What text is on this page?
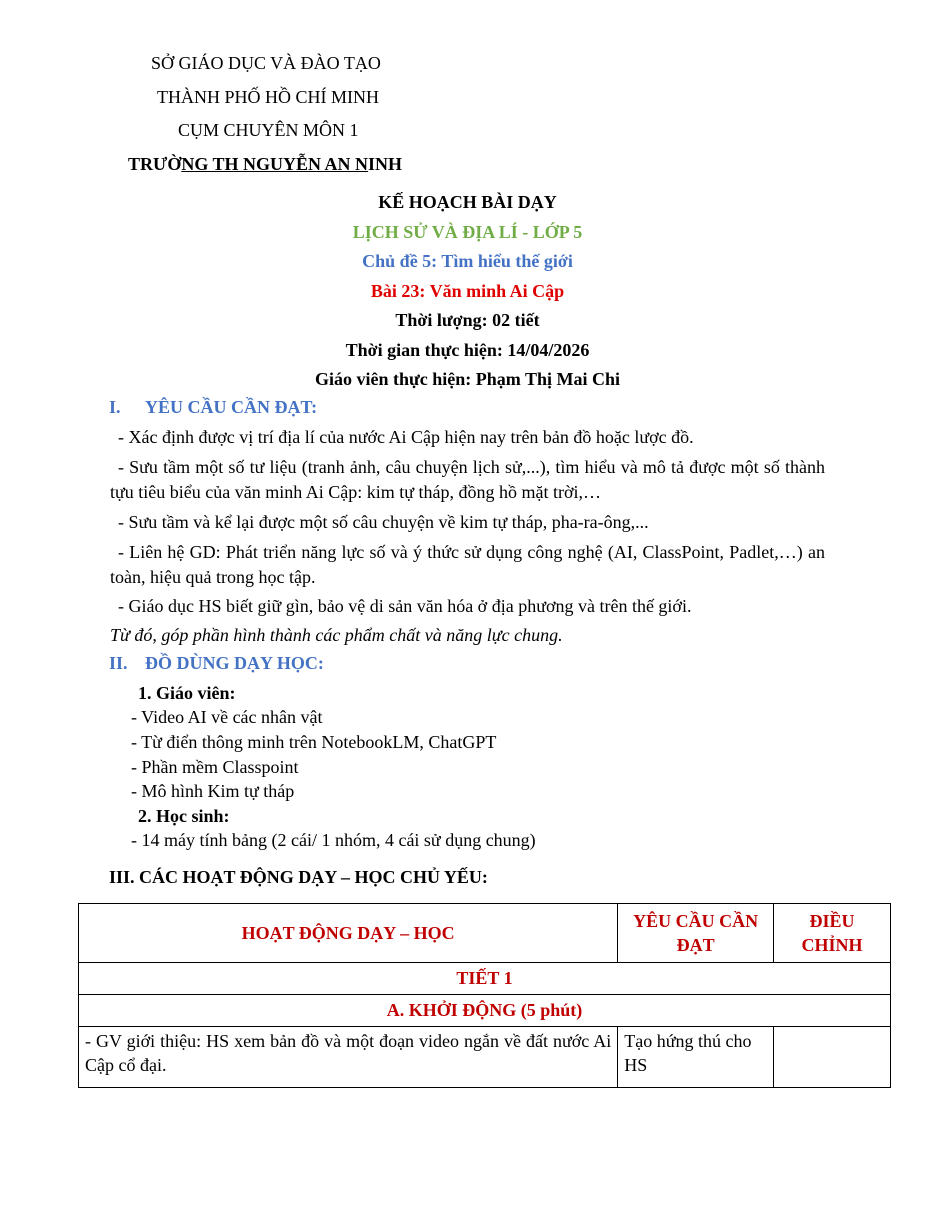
SỞ GIÁO DỤC VÀ ĐÀO TẠO
THÀNH PHỐ HỒ CHÍ MINH
CỤM CHUYÊN MÔN 1
TRƯỜNG TH NGUYỄN AN NINH
KẾ HOẠCH BÀI DẠY
LỊCH SỬ VÀ ĐỊA LÍ - LỚP 5
Chủ đề 5: Tìm hiểu thế giới
Bài 23: Văn minh Ai Cập
Thời lượng: 02 tiết
Thời gian thực hiện: 14/04/2026
Giáo viên thực hiện: Phạm Thị Mai Chi
I. YÊU CẦU CẦN ĐẠT:
- Xác định được vị trí địa lí của nước Ai Cập hiện nay trên bản đồ hoặc lược đồ.
- Sưu tầm một số tư liệu (tranh ảnh, câu chuyện lịch sử,...), tìm hiểu và mô tả được một số thành tựu tiêu biểu của văn minh Ai Cập: kim tự tháp, đồng hồ mặt trời,…
- Sưu tầm và kể lại được một số câu chuyện về kim tự tháp, pha-ra-ông,...
- Liên hệ GD: Phát triển năng lực số và ý thức sử dụng công nghệ (AI, ClassPoint, Padlet,…) an toàn, hiệu quả trong học tập.
- Giáo dục HS biết giữ gìn, bảo vệ di sản văn hóa ở địa phương và trên thế giới.
Từ đó, góp phần hình thành các phẩm chất và năng lực chung.
II. ĐỒ DÙNG DẠY HỌC:
1. Giáo viên:
- Video AI về các nhân vật
- Từ điển thông minh trên NotebookLM, ChatGPT
- Phần mềm Classpoint
- Mô hình Kim tự tháp
2. Học sinh:
- 14 máy tính bảng (2 cái/ 1 nhóm, 4 cái sử dụng chung)
III. CÁC HOẠT ĐỘNG DẠY – HỌC CHỦ YẾU:
HOẠT ĐỘNG DẠY – HỌC	YÊU CẦU CẦN ĐẠT	ĐIỀU CHỈNH
TIẾT 1		
A. KHỞI ĐỘNG (5 phút)		
- GV giới thiệu: HS xem bản đồ và một đoạn video ngắn về đất nước Ai Cập cổ đại.	Tạo hứng thú cho HS	
